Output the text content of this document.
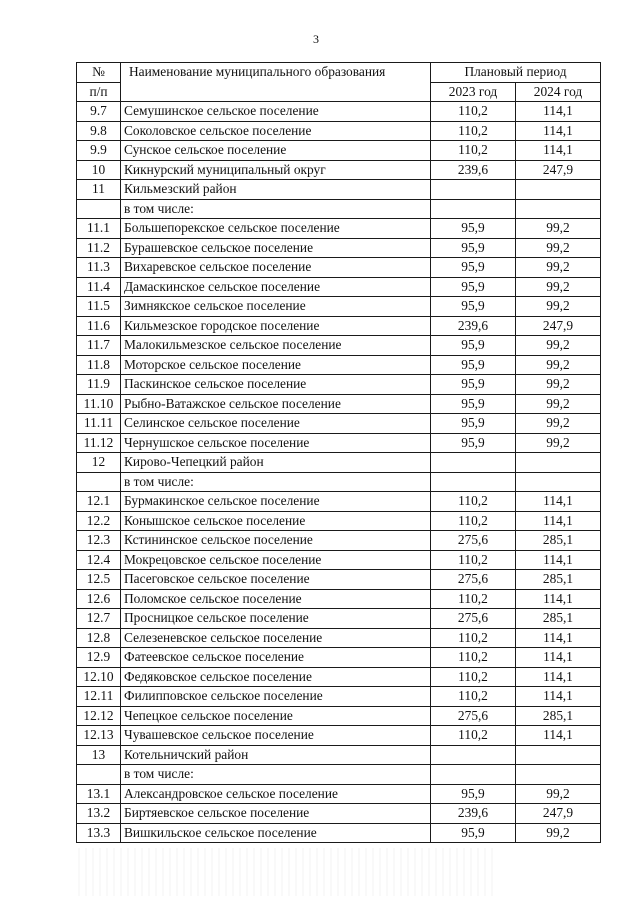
3
№	Наименование муниципального образования	Плановый период	
п/п		2023 год	2024 год
9.7	Семушинское сельское поселение	110,2	114,1
9.8	Соколовское сельское поселение	110,2	114,1
9.9	Сунское сельское поселение	110,2	114,1
10	Кикнурский муниципальный округ	239,6	247,9
11	Кильмезский район		
	в том числе:		
11.1	Большепорекское сельское поселение	95,9	99,2
11.2	Бурашевское сельское поселение	95,9	99,2
11.3	Вихаревское сельское поселение	95,9	99,2
11.4	Дамаскинское сельское поселение	95,9	99,2
11.5	Зимнякское сельское поселение	95,9	99,2
11.6	Кильмезское городское поселение	239,6	247,9
11.7	Малокильмезское сельское поселение	95,9	99,2
11.8	Моторское сельское поселение	95,9	99,2
11.9	Паскинское сельское поселение	95,9	99,2
11.10	Рыбно-Ватажское сельское поселение	95,9	99,2
11.11	Селинское сельское поселение	95,9	99,2
11.12	Чернушское сельское поселение	95,9	99,2
12	Кирово-Чепецкий район		
	в том числе:		
12.1	Бурмакинское сельское поселение	110,2	114,1
12.2	Конышское сельское поселение	110,2	114,1
12.3	Кстининское сельское поселение	275,6	285,1
12.4	Мокрецовское сельское поселение	110,2	114,1
12.5	Пасеговское сельское поселение	275,6	285,1
12.6	Поломское сельское поселение	110,2	114,1
12.7	Просницкое сельское поселение	275,6	285,1
12.8	Селезеневское сельское поселение	110,2	114,1
12.9	Фатеевское сельское поселение	110,2	114,1
12.10	Федяковское сельское поселение	110,2	114,1
12.11	Филипповское сельское поселение	110,2	114,1
12.12	Чепецкое сельское поселение	275,6	285,1
12.13	Чувашевское сельское поселение	110,2	114,1
13	Котельничский район		
	в том числе:		
13.1	Александровское сельское поселение	95,9	99,2
13.2	Биртяевское сельское поселение	239,6	247,9
13.3	Вишкильское сельское поселение	95,9	99,2
